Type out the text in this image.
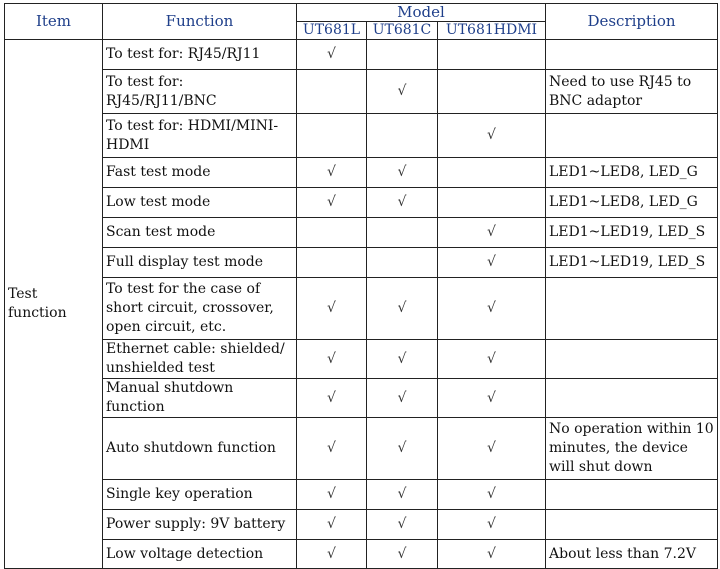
Item	Function	Model			Description
		UT681L	UT681C	UT681HDMI	
Test function	To test for: RJ45/RJ11	√			
	To test for: RJ45/RJ11/BNC		√		Need to use RJ45 to BNC adaptor
	To test for: HDMI/MINI-HDMI			√	
	Fast test mode	√	√		LED1~LED8, LED_G
	Low test mode	√	√		LED1~LED8, LED_G
	Scan test mode			√	LED1~LED19, LED_S
	Full display test mode			√	LED1~LED19, LED_S
	To test for the case of short circuit, crossover, open circuit, etc.	√	√	√	
	Ethernet cable: shielded/ unshielded test	√	√	√	
	Manual shutdown function	√	√	√	
	Auto shutdown function	√	√	√	No operation within 10 minutes, the device will shut down
	Single key operation	√	√	√	
	Power supply: 9V battery	√	√	√	
	Low voltage detection	√	√	√	About less than 7.2V
